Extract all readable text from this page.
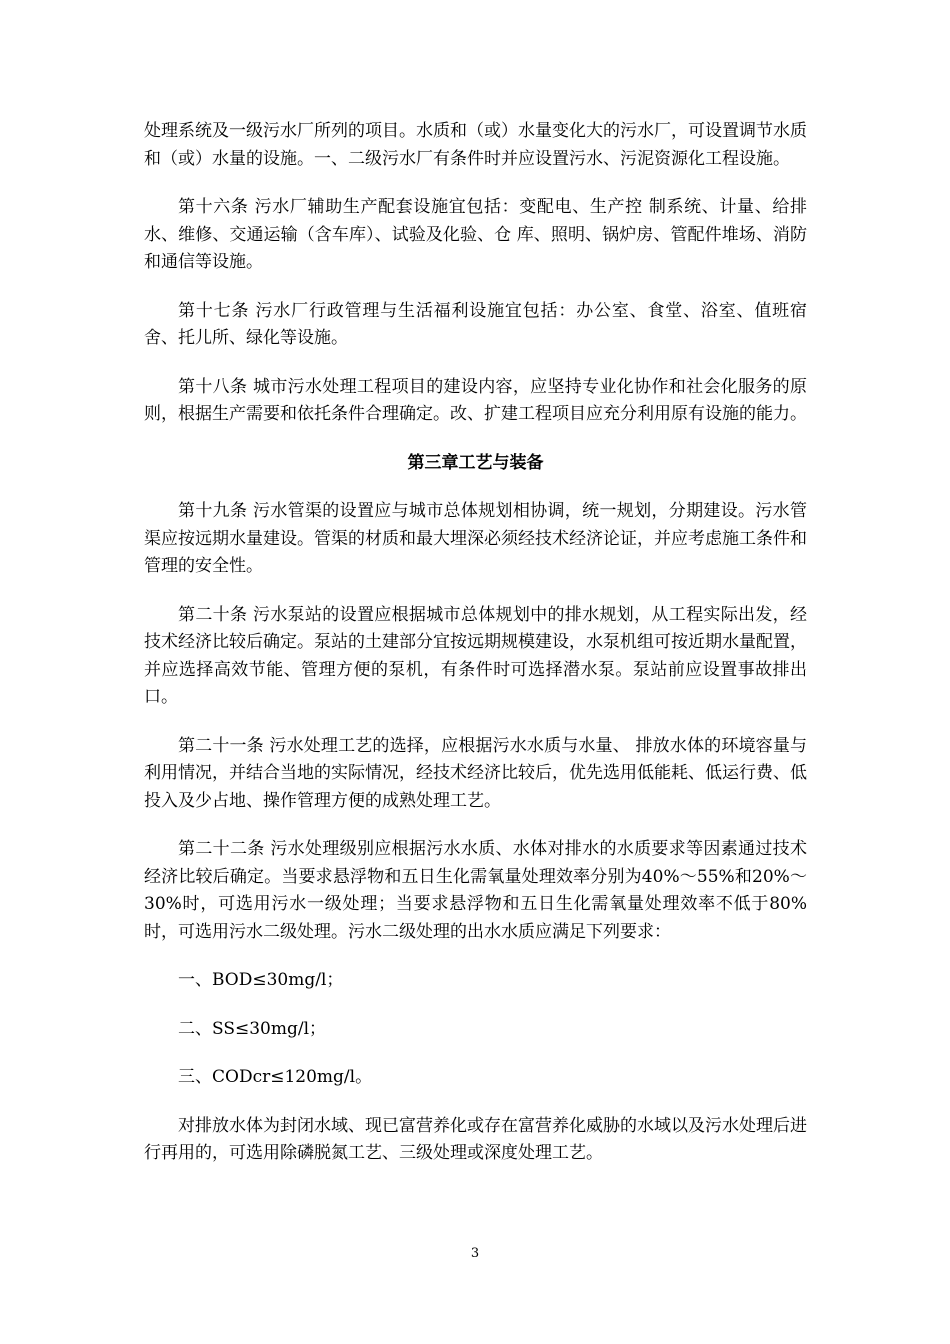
处理系统及一级污水厂所列的项目。水质和（或）水量变化大的污水厂，可设置调节水质和（或）水量的设施。一、二级污水厂有条件时并应设置污水、污泥资源化工程设施。

第十六条 污水厂辅助生产配套设施宜包括：变配电、生产控 制系统、计量、给排水、维修、交通运输（含车库）、试验及化验、仓 库、照明、锅炉房、管配件堆场、消防和通信等设施。

第十七条 污水厂行政管理与生活福利设施宜包括：办公室、食堂、浴室、值班宿舍、托儿所、绿化等设施。

第十八条 城市污水处理工程项目的建设内容，应坚持专业化协作和社会化服务的原则，根据生产需要和依托条件合理确定。改、扩建工程项目应充分利用原有设施的能力。

第三章工艺与装备

第十九条 污水管渠的设置应与城市总体规划相协调，统一规划，分期建设。污水管渠应按远期水量建设。管渠的材质和最大埋深必须经技术经济论证，并应考虑施工条件和管理的安全性。

第二十条 污水泵站的设置应根据城市总体规划中的排水规划，从工程实际出发，经技术经济比较后确定。泵站的土建部分宜按远期规模建设，水泵机组可按近期水量配置，并应选择高效节能、管理方便的泵机，有条件时可选择潜水泵。泵站前应设置事故排出口。

第二十一条 污水处理工艺的选择，应根据污水水质与水量、 排放水体的环境容量与利用情况，并结合当地的实际情况，经技术经济比较后，优先选用低能耗、低运行费、低投入及少占地、操作管理方便的成熟处理工艺。

第二十二条 污水处理级别应根据污水水质、水体对排水的水质要求等因素通过技术经济比较后确定。当要求悬浮物和五日生化需氧量处理效率分别为40%～55%和20%～30%时，可选用污水一级处理；当要求悬浮物和五日生化需氧量处理效率不低于80%时，可选用污水二级处理。污水二级处理的出水水质应满足下列要求：

一、BOD≤30mg/l；

二、SS≤30mg/l；

三、CODcr≤120mg/l。

对排放水体为封闭水域、现已富营养化或存在富营养化威胁的水域以及污水处理后进行再用的，可选用除磷脱氮工艺、三级处理或深度处理工艺。

3
